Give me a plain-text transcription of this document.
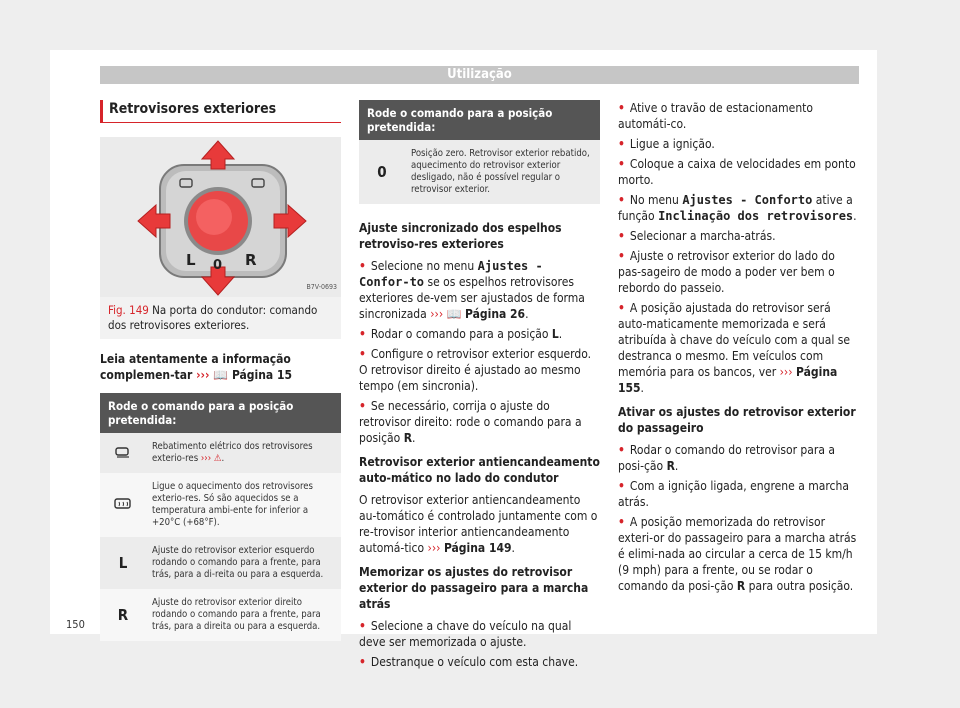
Utilização
Retrovisores exteriores
L 0 R
B7V-0693

Fig. 149 Na porta do condutor: comando dos retrovisores exteriores.

Leia atentamente a informação complemen-tar ››› 📖 Página 15

Rode o comando para a posição pretendida:	
	Rebatimento elétrico dos retrovisores exterio-res ››› ⚠.
	Ligue o aquecimento dos retrovisores exterio-res. Só são aquecidos se a temperatura ambi-ente for inferior a +20°C (+68°F).
L	Ajuste do retrovisor exterior esquerdo rodando o comando para a frente, para trás, para a di-reita ou para a esquerda.
R	Ajuste do retrovisor exterior direito rodando o comando para a frente, para trás, para a direita ou para a esquerda.
Rode o comando para a posição pretendida:
0	Posição zero. Retrovisor exterior rebatido, aquecimento do retrovisor exterior desligado, não é possível regular o retrovisor exterior.

Ajuste sincronizado dos espelhos retroviso-res exteriores

• Selecione no menu Ajustes - Confor-to se os espelhos retrovisores exteriores de-vem ser ajustados de forma sincronizada ››› 📖 Página 26.

• Rodar o comando para a posição L.

• Configure o retrovisor exterior esquerdo. O retrovisor direito é ajustado ao mesmo tempo (em sincronia).

• Se necessário, corrija o ajuste do retrovisor direito: rode o comando para a posição R.

Retrovisor exterior antiencandeamento auto-mático no lado do condutor

O retrovisor exterior antiencandeamento au-tomático é controlado juntamente com o re-trovisor interior antiencandeamento automá-tico ››› Página 149.

Memorizar os ajustes do retrovisor exterior do passageiro para a marcha atrás

• Selecione a chave do veículo na qual deve ser memorizada o ajuste.

• Destranque o veículo com esta chave.

• Ative o travão de estacionamento automáti-co.

• Ligue a ignição.

• Coloque a caixa de velocidades em ponto morto.

• No menu Ajustes - Conforto ative a função Inclinação dos retrovisores.

• Selecionar a marcha-atrás.

• Ajuste o retrovisor exterior do lado do pas-sageiro de modo a poder ver bem o rebordo do passeio.

• A posição ajustada do retrovisor será auto-maticamente memorizada e será atribuída à chave do veículo com a qual se destranca o mesmo. Em veículos com memória para os bancos, ver ››› Página 155.

Ativar os ajustes do retrovisor exterior do passageiro

• Rodar o comando do retrovisor para a posi-ção R.

• Com a ignição ligada, engrene a marcha atrás.

• A posição memorizada do retrovisor exteri-or do passageiro para a marcha atrás é elimi-nada ao circular a cerca de 15 km/h (9 mph) para a frente, ou se rodar o comando da posi-ção R para outra posição.

150
